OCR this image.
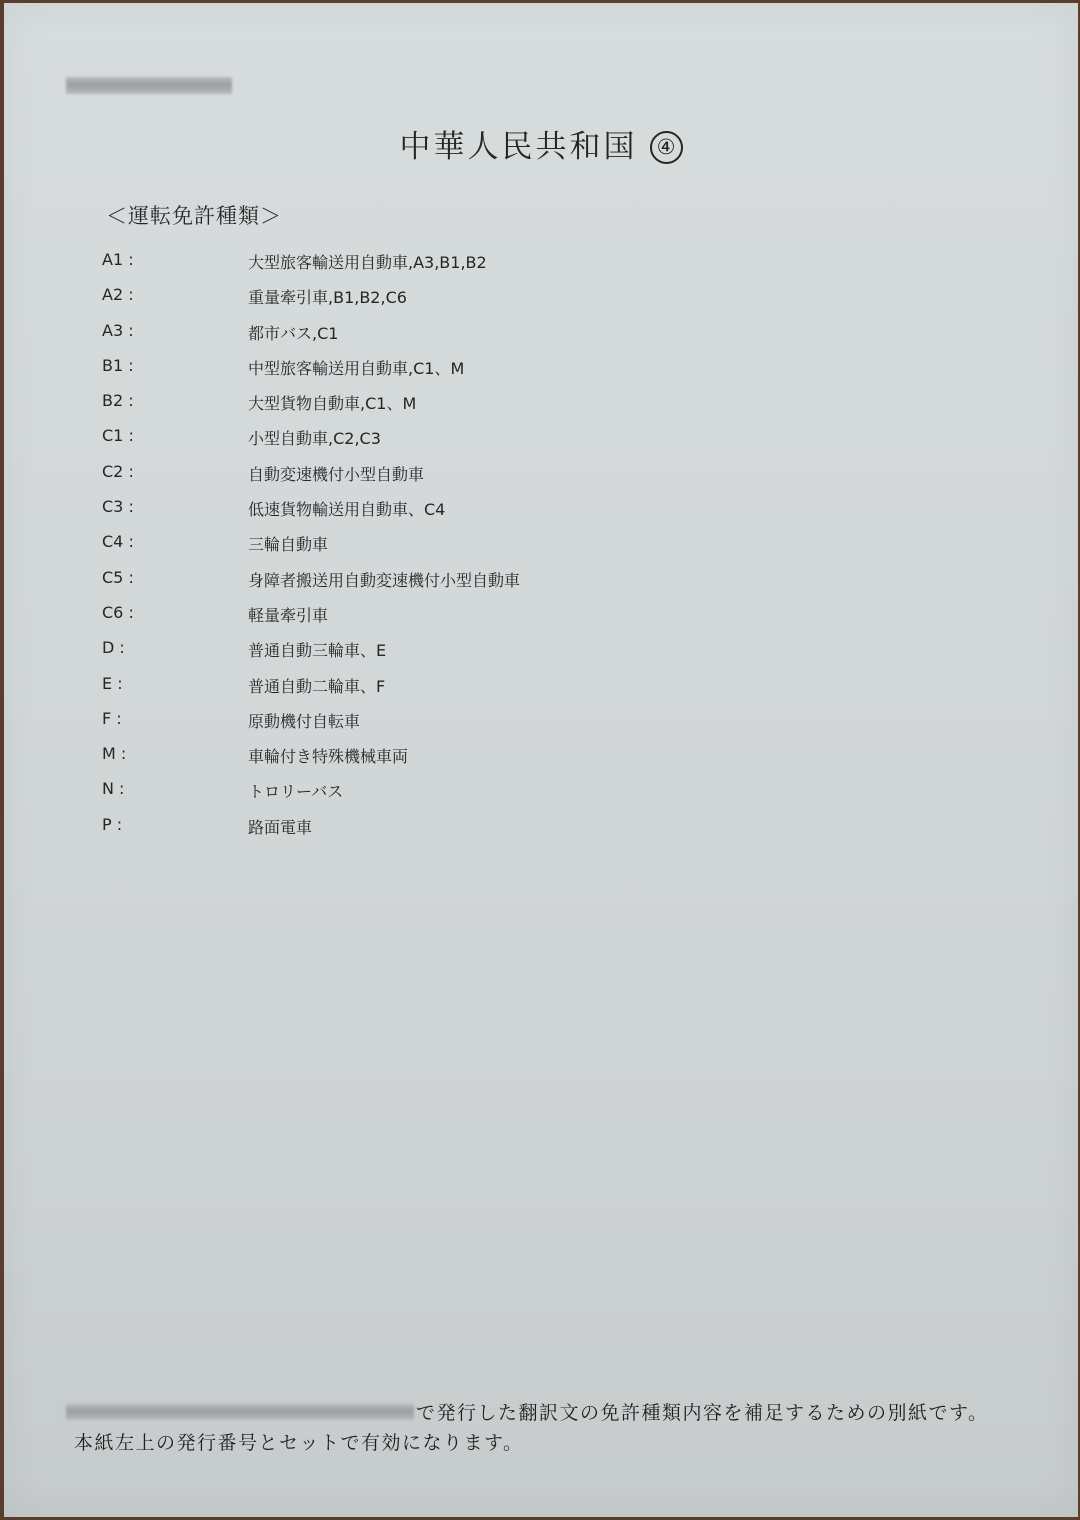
中華人民共和国 ④
＜運転免許種類＞
A1 :	大型旅客輸送用自動車,A3,B1,B2
A2 :	重量牽引車,B1,B2,C6
A3 :	都市バス,C1
B1 :	中型旅客輸送用自動車,C1、M
B2 :	大型貨物自動車,C1、M
C1 :	小型自動車,C2,C3
C2 :	自動変速機付小型自動車
C3 :	低速貨物輸送用自動車、C4
C4 :	三輪自動車
C5 :	身障者搬送用自動変速機付小型自動車
C6 :	軽量牽引車
D :	普通自動三輪車、E
E :	普通自動二輪車、F
F :	原動機付自転車
M :	車輪付き特殊機械車両
N :	トロリーバス
P :	路面電車
で発行した翻訳文の免許種類内容を補足するための別紙です。
本紙左上の発行番号とセットで有効になります。
